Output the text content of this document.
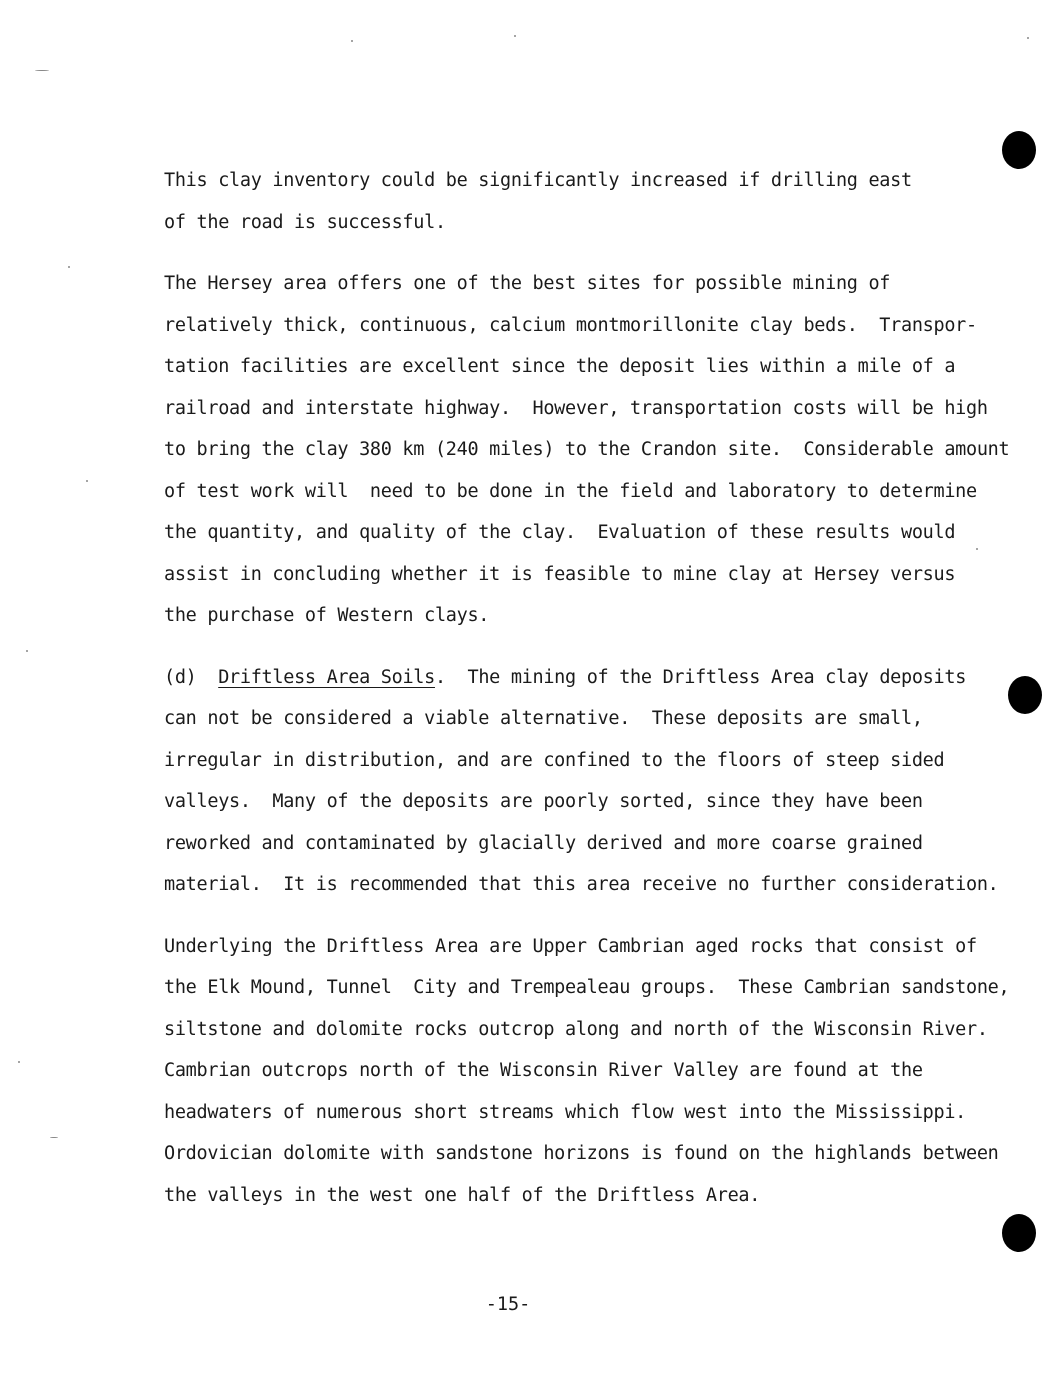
This clay inventory could be significantly increased if drilling east
of the road is successful.
The Hersey area offers one of the best sites for possible mining of
relatively thick, continuous, calcium montmorillonite clay beds.  Transpor-
tation facilities are excellent since the deposit lies within a mile of a
railroad and interstate highway.  However, transportation costs will be high
to bring the clay 380 km (240 miles) to the Crandon site.  Considerable amount
of test work will  need to be done in the field and laboratory to determine
the quantity, and quality of the clay.  Evaluation of these results would
assist in concluding whether it is feasible to mine clay at Hersey versus
the purchase of Western clays.
(d)  Driftless Area Soils.  The mining of the Driftless Area clay deposits
can not be considered a viable alternative.  These deposits are small,
irregular in distribution, and are confined to the floors of steep sided
valleys.  Many of the deposits are poorly sorted, since they have been
reworked and contaminated by glacially derived and more coarse grained
material.  It is recommended that this area receive no further consideration.
Underlying the Driftless Area are Upper Cambrian aged rocks that consist of
the Elk Mound, Tunnel  City and Trempealeau groups.  These Cambrian sandstone,
siltstone and dolomite rocks outcrop along and north of the Wisconsin River.
Cambrian outcrops north of the Wisconsin River Valley are found at the
headwaters of numerous short streams which flow west into the Mississippi.
Ordovician dolomite with sandstone horizons is found on the highlands between
the valleys in the west one half of the Driftless Area.
-15-
